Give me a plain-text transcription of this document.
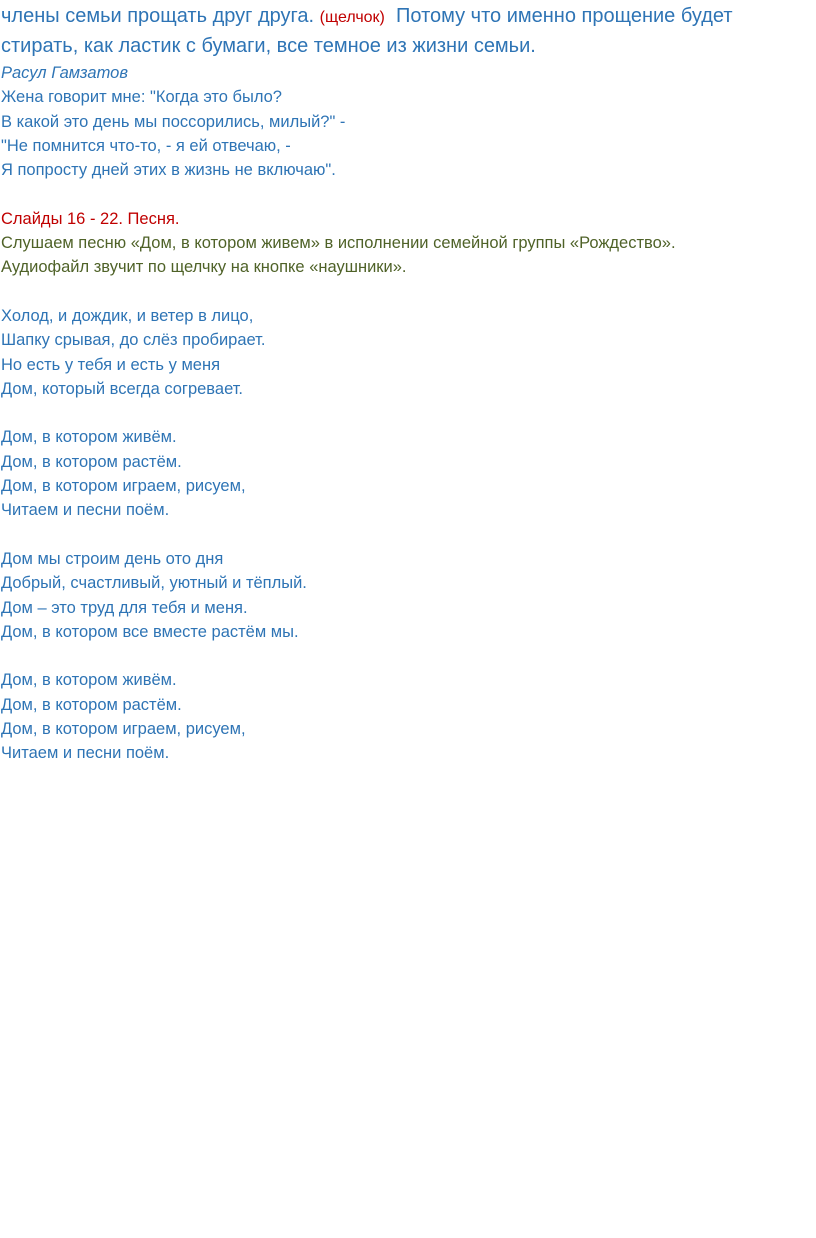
члены семьи прощать друг друга. (щелчок) Потому что именно прощение будет
стирать, как ластик с бумаги, все темное из жизни семьи.

Расул Гамзатов
Жена говорит мне: "Когда это было?
В какой это день мы поссорились, милый?" -
"Не помнится что-то, - я ей отвечаю, -
Я попросту дней этих в жизнь не включаю".
Слайды 16 - 22. Песня.
Слушаем песню «Дом, в котором живем» в исполнении семейной группы «Рождество».
Аудиофайл звучит по щелчку на кнопке «наушники».
Холод, и дождик, и ветер в лицо,
Шапку срывая, до слёз пробирает.
Но есть у тебя и есть у меня
Дом, который всегда согревает.
Дом, в котором живём.
Дом, в котором растём.
Дом, в котором играем, рисуем,
Читаем и песни поём.
Дом мы строим день ото дня
Добрый, счастливый, уютный и тёплый.
Дом – это труд для тебя и меня.
Дом, в котором все вместе растём мы.
Дом, в котором живём.
Дом, в котором растём.
Дом, в котором играем, рисуем,
Читаем и песни поём.
